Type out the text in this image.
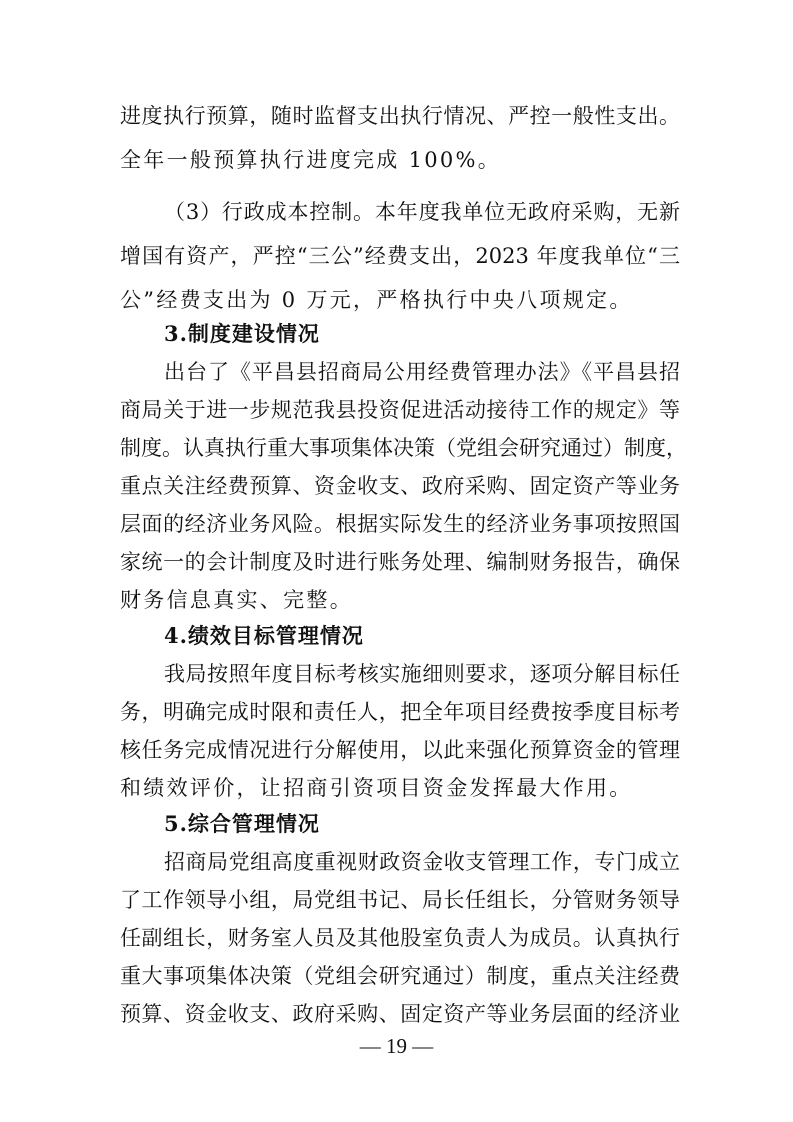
进度执行预算，随时监督支出执行情况、严控一般性支出。
全年一般预算执行进度完成 100%。
（3）行政成本控制。本年度我单位无政府采购，无新
增国有资产，严控“三公”经费支出，2023 年度我单位“三
公”经费支出为 0 万元，严格执行中央八项规定。
3.制度建设情况
出台了《平昌县招商局公用经费管理办法》《平昌县招
商局关于进一步规范我县投资促进活动接待工作的规定》等
制度。认真执行重大事项集体决策（党组会研究通过）制度，
重点关注经费预算、资金收支、政府采购、固定资产等业务
层面的经济业务风险。根据实际发生的经济业务事项按照国
家统一的会计制度及时进行账务处理、编制财务报告，确保
财务信息真实、完整。
4.绩效目标管理情况
我局按照年度目标考核实施细则要求，逐项分解目标任
务，明确完成时限和责任人，把全年项目经费按季度目标考
核任务完成情况进行分解使用，以此来强化预算资金的管理
和绩效评价，让招商引资项目资金发挥最大作用。
5.综合管理情况
招商局党组高度重视财政资金收支管理工作，专门成立
了工作领导小组，局党组书记、局长任组长，分管财务领导
任副组长，财务室人员及其他股室负责人为成员。认真执行
重大事项集体决策（党组会研究通过）制度，重点关注经费
预算、资金收支、政府采购、固定资产等业务层面的经济业
— 19 —
